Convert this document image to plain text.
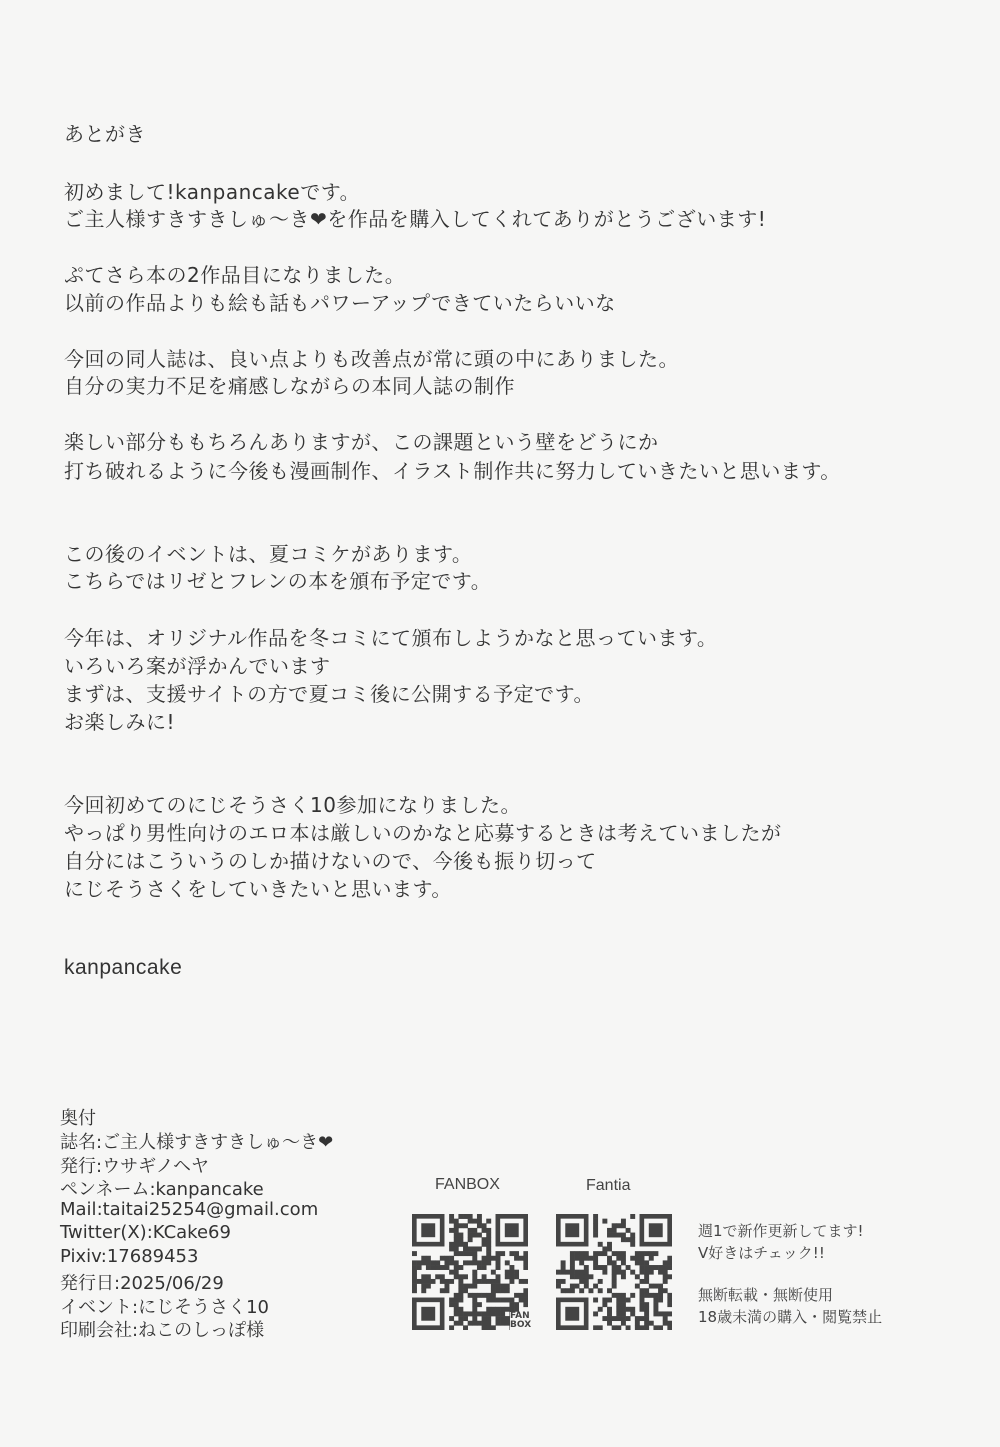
あとがき
初めまして!kanpancakeです。
ご主人様すきすきしゅ〜き❤を作品を購入してくれてありがとうございます!
ぷてさら本の2作品目になりました。
以前の作品よりも絵も話もパワーアップできていたらいいな
今回の同人誌は、良い点よりも改善点が常に頭の中にありました。
自分の実力不足を痛感しながらの本同人誌の制作
楽しい部分ももちろんありますが、この課題という壁をどうにか
打ち破れるように今後も漫画制作、イラスト制作共に努力していきたいと思います。
この後のイベントは、夏コミケがあります。
こちらではリゼとフレンの本を頒布予定です。
今年は、オリジナル作品を冬コミにて頒布しようかなと思っています。
いろいろ案が浮かんでいます
まずは、支援サイトの方で夏コミ後に公開する予定です。
お楽しみに!
今回初めてのにじそうさく10参加になりました。
やっぱり男性向けのエロ本は厳しいのかなと応募するときは考えていましたが
自分にはこういうのしか描けないので、今後も振り切って
にじそうさくをしていきたいと思います。
kanpancake
奥付
誌名:ご主人様すきすきしゅ〜き❤
発行:ウサギノヘヤ
ペンネーム:kanpancake
Mail:taitai25254@gmail.com
Twitter(X):KCake69
Pixiv:17689453
発行日:2025/06/29
イベント:にじそうさく10
印刷会社:ねこのしっぽ様
FANBOX	Fantia
FAN BOX
週1で新作更新してます!
V好きはチェック!!
無断転載・無断使用
18歳未満の購入・閲覧禁止
